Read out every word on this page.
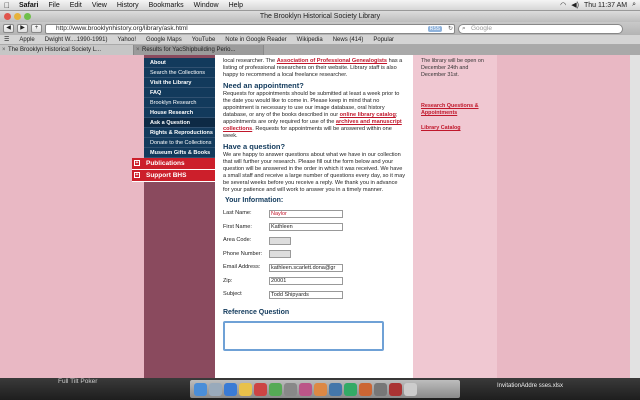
Safari	File	Edit	View	History	Bookmarks	Window	Help	◠ ◀) Thu 11:37 AM ⌕
The Brooklyn Historical Society Library
◀	▶	+	http://www.brooklynhistory.org/library/ask.html	RSS	↻ ⌕ Google
☰ Apple Dwight W....1990-1991) Yahoo! Google Maps YouTube Note in Google Reader Wikipedia News (414) Popular
× The Brooklyn Historical Society L...	× Results for YacShipbuilding Perio...
About
Search the Collections
Visit the Library
FAQ
Brooklyn Research
House Research
Ask a Question
Rights & Reproductions
Donate to the Collections
Museum Gifts & Books
+ Publications
+ Support BHS

local researcher. The Association of Professional Genealogists has a listing of professional researchers on their website. Library staff is also happy to recommend a local freelance researcher.

Need an appointment?

Requests for appointments should be submitted at least a week prior to the date you would like to come in. Please keep in mind that no appointment is necessary to use our image database, oral history database, or any of the books described in our online library catalog; appointments are only required for use of the archives and manuscript collections. Requests for appointments will be answered within one week.

Have a question?

We are happy to answer questions about what we have in our collection that will further your research. Please fill out the form below and your question will be answered in the order in which it was received. We have a small staff and receive a large number of questions every day, so it may be several weeks before you receive a reply. We thank you in advance for your patience and will work to answer you in a timely manner.

Your Information:
Last Name:	Naylor
First Name:	Kathleen
Area Code:
Phone Number:
Email Address:	kathleen.scarlett.dona@gr
Zip:	20001
Subject	Todd Shipyards
Reference Question
The library will be open on December 24th and December 31st.
Research Questions & Appointments
Library Catalog
Full Tilt Poker
InvitationAddre sses.xlsx
